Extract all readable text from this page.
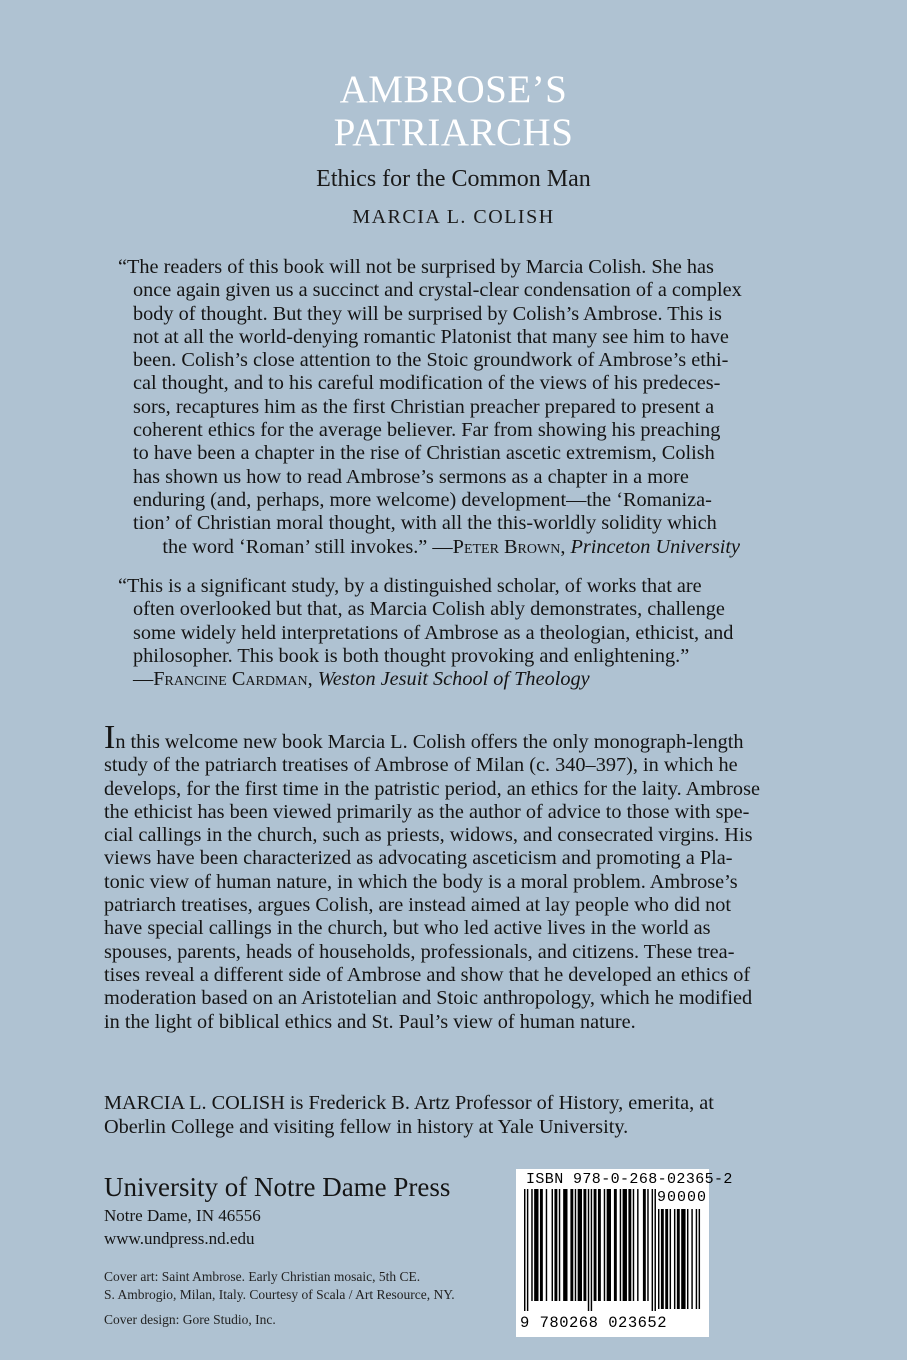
AMBROSE’S
PATRIARCHS
Ethics for the Common Man
MARCIA L. COLISH
“The readers of this book will not be surprised by Marcia Colish. She has
once again given us a succinct and crystal-clear condensation of a complex
body of thought. But they will be surprised by Colish’s Ambrose. This is
not at all the world-denying romantic Platonist that many see him to have
been. Colish’s close attention to the Stoic groundwork of Ambrose’s ethi-
cal thought, and to his careful modification of the views of his predeces-
sors, recaptures him as the first Christian preacher prepared to present a
coherent ethics for the average believer. Far from showing his preaching
to have been a chapter in the rise of Christian ascetic extremism, Colish
has shown us how to read Ambrose’s sermons as a chapter in a more
enduring (and, perhaps, more welcome) development—the ‘Romaniza-
tion’ of Christian moral thought, with all the this-worldly solidity which
the word ‘Roman’ still invokes.” —Peter Brown, Princeton University
“This is a significant study, by a distinguished scholar, of works that are
often overlooked but that, as Marcia Colish ably demonstrates, challenge
some widely held interpretations of Ambrose as a theologian, ethicist, and
philosopher. This book is both thought provoking and enlightening.”
—Francine Cardman, Weston Jesuit School of Theology
In this welcome new book Marcia L. Colish offers the only monograph-length
study of the patriarch treatises of Ambrose of Milan (c. 340–397), in which he
develops, for the first time in the patristic period, an ethics for the laity. Ambrose
the ethicist has been viewed primarily as the author of advice to those with spe-
cial callings in the church, such as priests, widows, and consecrated virgins. His
views have been characterized as advocating asceticism and promoting a Pla-
tonic view of human nature, in which the body is a moral problem. Ambrose’s
patriarch treatises, argues Colish, are instead aimed at lay people who did not
have special callings in the church, but who led active lives in the world as
spouses, parents, heads of households, professionals, and citizens. These trea-
tises reveal a different side of Ambrose and show that he developed an ethics of
moderation based on an Aristotelian and Stoic anthropology, which he modified
in the light of biblical ethics and St. Paul’s view of human nature.
MARCIA L. COLISH is Frederick B. Artz Professor of History, emerita, at
Oberlin College and visiting fellow in history at Yale University.
University of Notre Dame Press
Notre Dame, IN 46556
www.undpress.nd.edu
Cover art: Saint Ambrose. Early Christian mosaic, 5th CE.
S. Ambrogio, Milan, Italy. Courtesy of Scala / Art Resource, NY.
Cover design: Gore Studio, Inc.
ISBN 978-0-268-02365-2
90000
9 780268 023652
